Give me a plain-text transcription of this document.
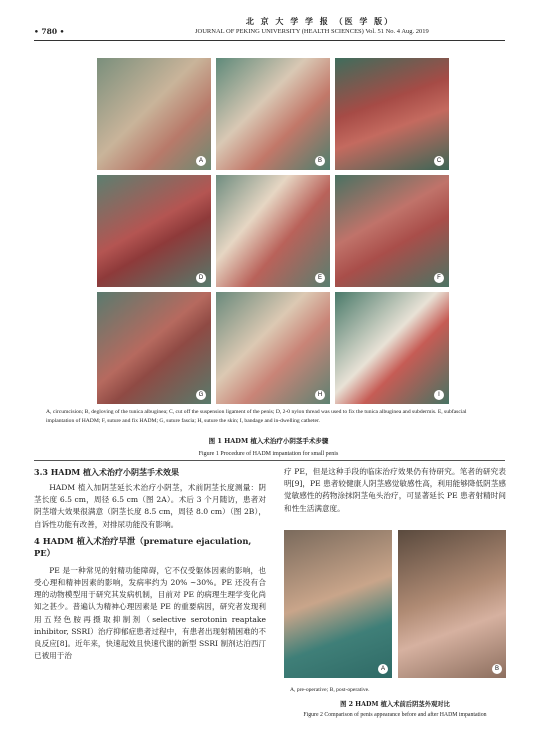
• 780 •
北 京 大 学 学 报 （医 学 版）
JOURNAL OF PEKING UNIVERSITY (HEALTH SCIENCES) Vol. 51 No. 4 Aug. 2019
A	B	C
D	E	F
G	H	I
A, circumcision; B, degloving of the tunica albuginea; C, cut off the suspension ligament of the penis; D, 2-0 nylon thread was used to fix the tunica albuginea and subdermis. E, subfascial implantation of HADM; F, suture and fix HADM; G, suture fascia; H, suture the skin; I, bandage and in-dwelling catheter.
图 1 HADM 植入术治疗小阴茎手术步骤
Figure 1 Procedure of HADM impantation for small penis
3.3 HADM 植入术治疗小阴茎手术效果

HADM 植入加阴茎延长术治疗小阴茎，术前阴茎长度测量：阴茎长度 6.5 cm，周径 6.5 cm（图 2A）。术后 3 个月随访，患者对阴茎增大效果很满意（阴茎长度 8.5 cm，周径 8.0 cm）（图 2B），自诉性功能有改善，对排尿功能没有影响。

4 HADM 植入术治疗早泄（premature ejaculation, PE）

PE 是一种常见的射精功能障碍，它不仅受躯体因素的影响，也受心理和精神因素的影响，发病率约为 20% ~30%。PE 还没有合理的动物模型用于研究其发病机制，目前对 PE 的病理生理学变化尚知之甚少。普遍认为精神心理因素是 PE 的重要病因，研究者发现利用五羟色胺再摄取抑制剂（selective serotonin reaptake inhibitor, SSRI）治疗抑郁症患者过程中，有患者出现射精困难的不良反应[8]。近年来，快速起效且快速代谢的新型 SSRI 制剂达泊西汀已被用于治

疗 PE，但是这种手段的临床治疗效果仍有待研究。笔者的研究表明[9]，PE 患者较健康人阴茎感觉敏感性高，利用能够降低阴茎感觉敏感性的药物涂抹阴茎龟头治疗，可显著延长 PE 患者射精时间和性生活满意度。

A	B
A, pre-operative; B, post-operative.
图 2 HADM 植入术前后阴茎外观对比
Figure 2 Comparison of penis appearance before and after HADM impantation
